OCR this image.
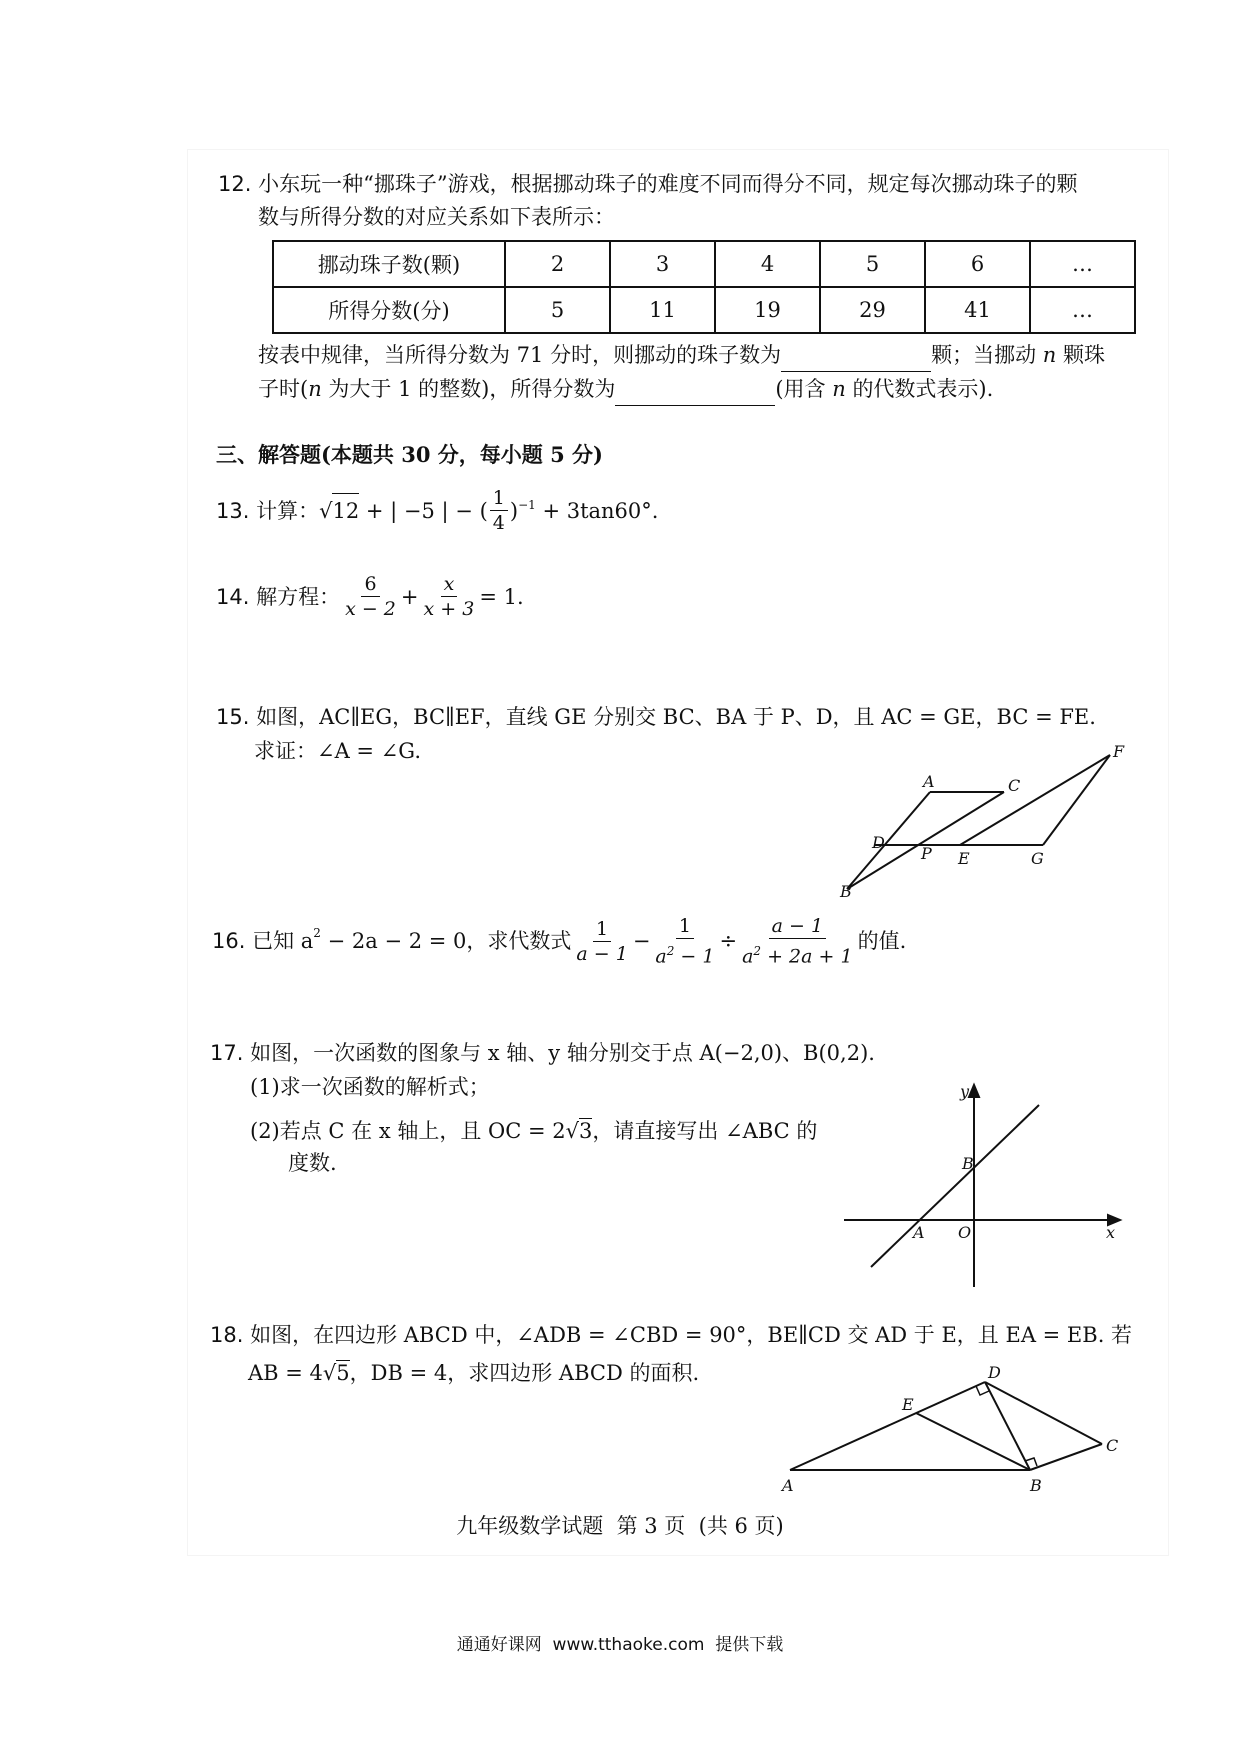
12. 小东玩一种“挪珠子”游戏，根据挪动珠子的难度不同而得分不同，规定每次挪动珠子的颗
数与所得分数的对应关系如下表所示：
挪动珠子数(颗)	2	3	4	5	6	…
所得分数(分)	5	11	19	29	41	…
按表中规律，当所得分数为 71 分时，则挪动的珠子数为	颗；当挪动 n 颗珠
子时(n 为大于 1 的整数)，所得分数为	(用含 n 的代数式表示).
三、解答题(本题共 30 分，每小题 5 分)
13.
计算： √ 12 + | −5 | − ( $\frac{1}{4}$ ) $^{-1}$ + 3tan60°.
14.
解方程： $\frac{6}{x - 2} + \frac{x}{x + 3} = 1$.
15. 如图，AC∥EG，BC∥EF，直线 GE 分别交 BC、BA 于 P、D，且 AC = GE，BC = FE.
求证：∠A = ∠G.
A	C
F
D
P E	G
B
16.
已知 $a^2 - 2a - 2 = 0$，求代数式 $\frac{1}{a - 1} - \frac{1}{a^2 - 1} \div \frac{a - 1}{a^2 + 2a + 1}$ 的值.
17. 如图，一次函数的图象与 x 轴、y 轴分别交于点 A(−2,0)、B(0,2).
(1)求一次函数的解析式；
(2)若点 C 在 x 轴上，且 OC = 2√3，请直接写出 ∠ABC 的
度数.
y
B
A O	x
18. 如图，在四边形 ABCD 中，∠ADB = ∠CBD = 90°，BE∥CD 交 AD 于 E，且 EA = EB. 若
AB = 4√5，DB = 4，求四边形 ABCD 的面积.	D
E
C
A	B
九年级数学试题  第 3 页  (共 6 页)
通通好课网  www.tthaoke.com  提供下载
